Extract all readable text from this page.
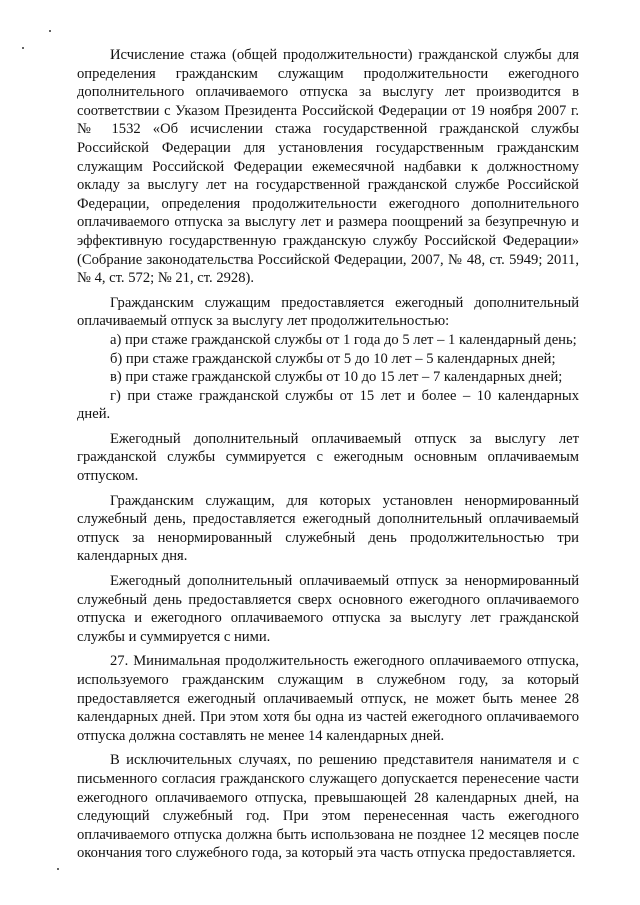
Исчисление стажа (общей продолжительности) гражданской службы для определения гражданским служащим продолжительности ежегодного дополнительного оплачиваемого отпуска за выслугу лет производится в соответствии с Указом Президента Российской Федерации от 19 ноября 2007 г. № 1532 «Об исчислении стажа государственной гражданской службы Российской Федерации для установления государственным гражданским служащим Российской Федерации ежемесячной надбавки к должностному окладу за выслугу лет на государственной гражданской службе Российской Федерации, определения продолжительности ежегодного дополнительного оплачиваемого отпуска за выслугу лет и размера поощрений за безупречную и эффективную государственную гражданскую службу Российской Федерации» (Собрание законодательства Российской Федерации, 2007, № 48, ст. 5949; 2011, № 4, ст. 572; № 21, ст. 2928).

Гражданским служащим предоставляется ежегодный дополнительный оплачиваемый отпуск за выслугу лет продолжительностью:

а) при стаже гражданской службы от 1 года до 5 лет – 1 календарный день;

б) при стаже гражданской службы от 5 до 10 лет – 5 календарных дней;

в) при стаже гражданской службы от 10 до 15 лет – 7 календарных дней;

г) при стаже гражданской службы от 15 лет и более – 10 календарных дней.

Ежегодный дополнительный оплачиваемый отпуск за выслугу лет гражданской службы суммируется с ежегодным основным оплачиваемым отпуском.

Гражданским служащим, для которых установлен ненормированный служебный день, предоставляется ежегодный дополнительный оплачиваемый отпуск за ненормированный служебный день продолжительностью три календарных дня.

Ежегодный дополнительный оплачиваемый отпуск за ненормированный служебный день предоставляется сверх основного ежегодного оплачиваемого отпуска и ежегодного оплачиваемого отпуска за выслугу лет гражданской службы и суммируется с ними.

27. Минимальная продолжительность ежегодного оплачиваемого отпуска, используемого гражданским служащим в служебном году, за который предоставляется ежегодный оплачиваемый отпуск, не может быть менее 28 календарных дней. При этом хотя бы одна из частей ежегодного оплачиваемого отпуска должна составлять не менее 14 календарных дней.

В исключительных случаях, по решению представителя нанимателя и с письменного согласия гражданского служащего допускается перенесение части ежегодного оплачиваемого отпуска, превышающей 28 календарных дней, на следующий служебный год. При этом перенесенная часть ежегодного оплачиваемого отпуска должна быть использована не позднее 12 месяцев после окончания того служебного года, за который эта часть отпуска предоставляется.
